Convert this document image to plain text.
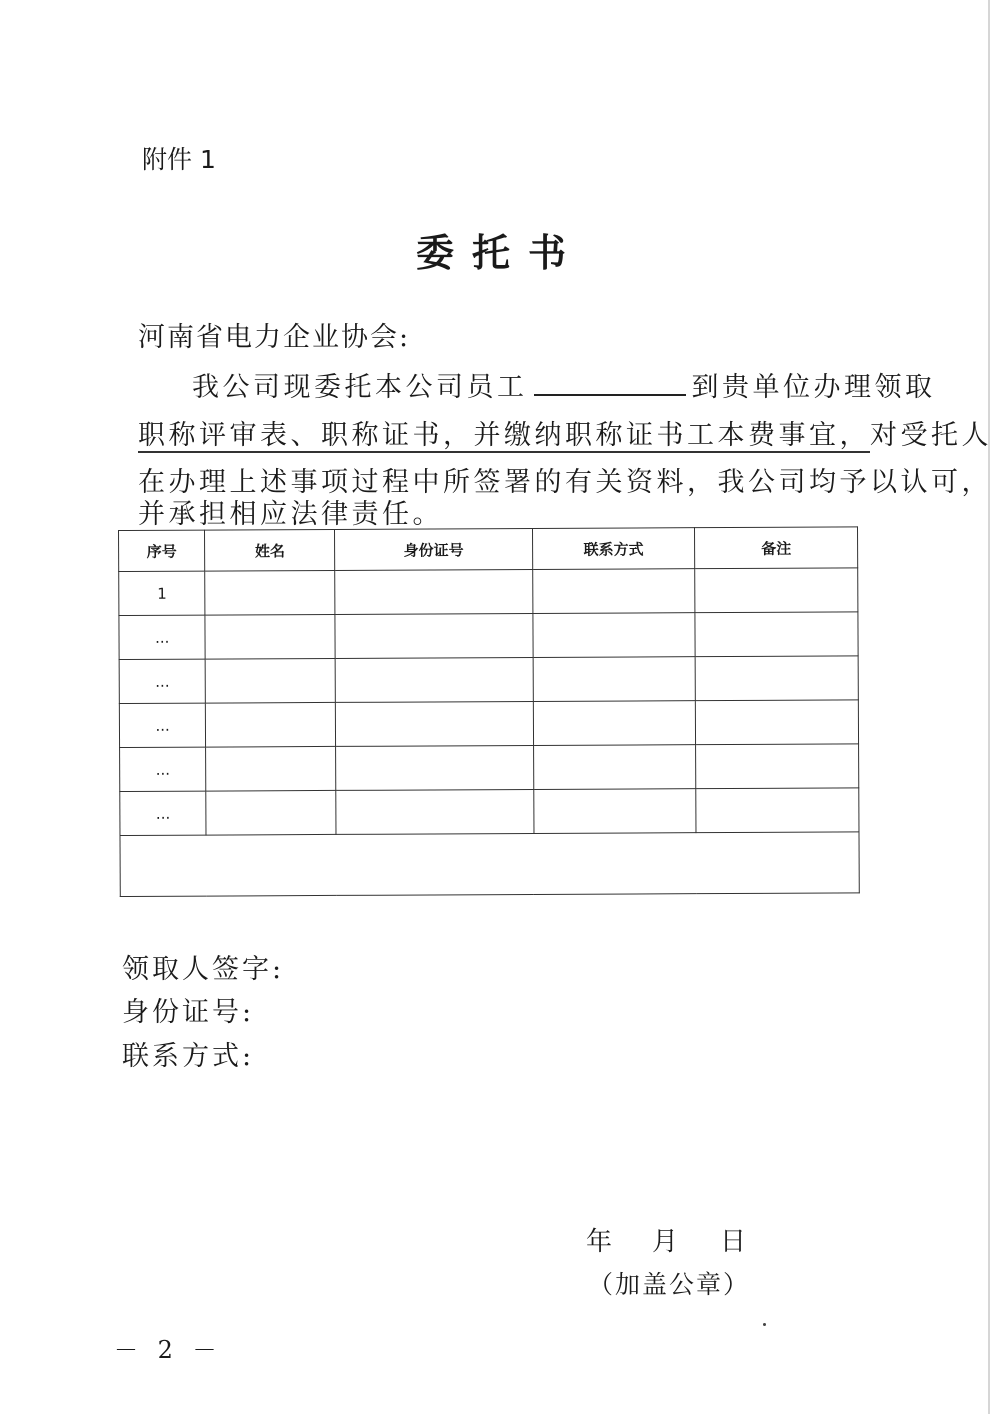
附件 1
委托书
河南省电力企业协会:
我公司现委托本公司员工	到贵单位办理领取
职称评审表、职称证书，并缴纳职称证书工本费事宜，对受托人
在办理上述事项过程中所签署的有关资料，我公司均予以认可，
并承担相应法律责任。
序号	姓名	身份证号	联系方式	备注
1				
...				
...				
...				
...				
...				

领取人签字:
身份证号:
联系方式:
年 月 日
（加盖公章）
－ 2 －
